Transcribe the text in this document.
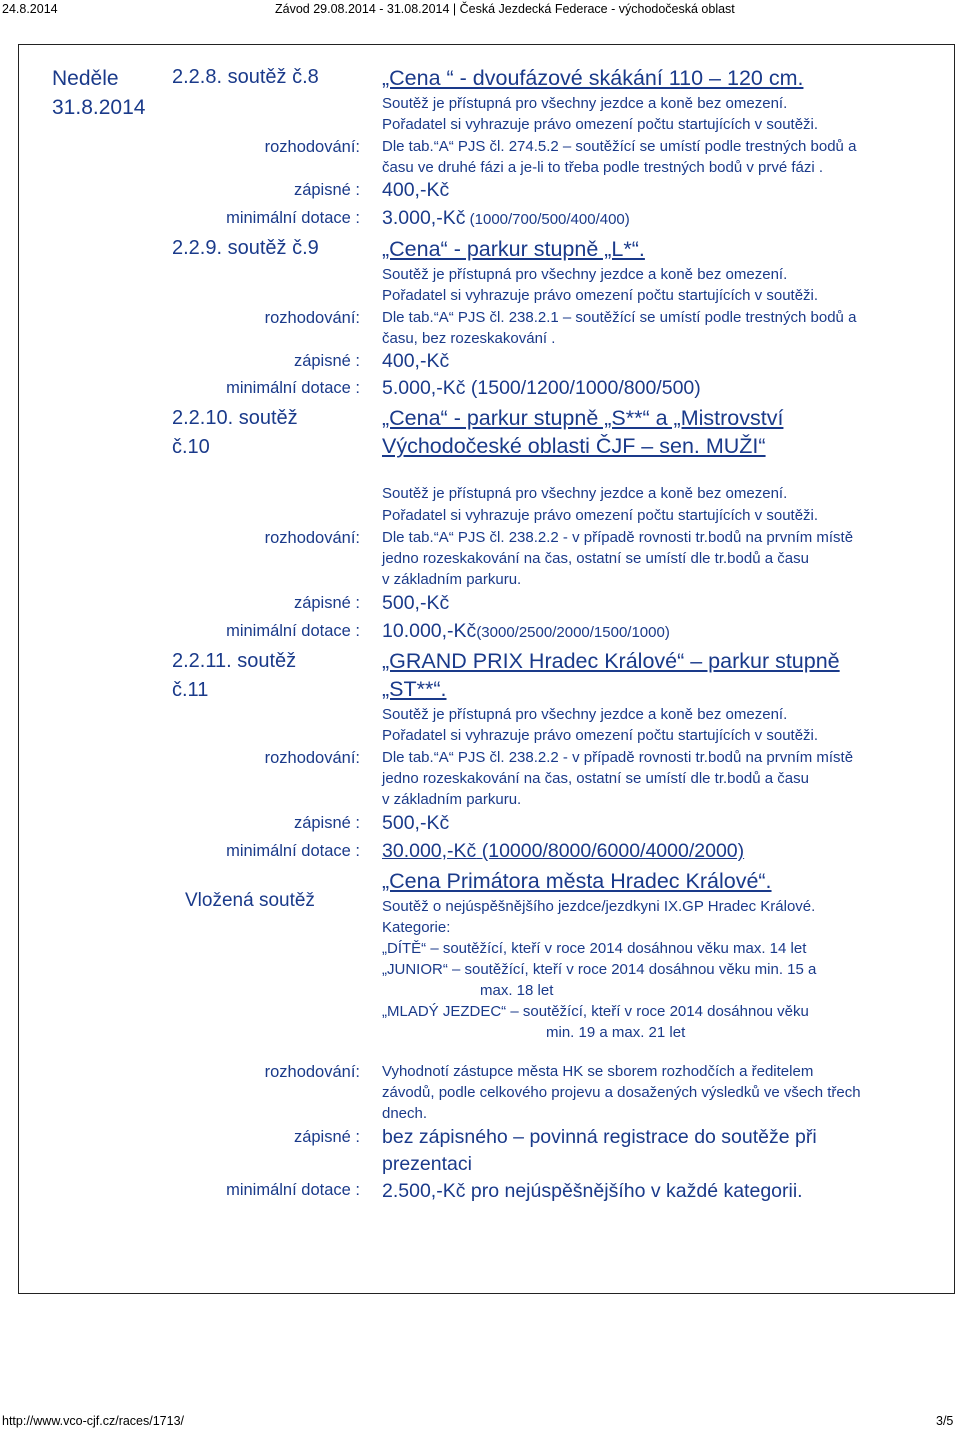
24.8.2014	Závod 29.08.2014 - 31.08.2014 | Česká Jezdecká Federace - východočeská oblast
Neděle
31.8.2014
2.2.8. soutěž č.8	„Cena “ - dvoufázové skákání 110 – 120 cm.
Soutěž je přístupná pro všechny jezdce a koně bez omezení.
Pořadatel si vyhrazuje právo omezení počtu startujících v soutěži.
rozhodování: Dle tab.“A“ PJS čl. 274.5.2 – soutěžící se umístí podle trestných bodů a
času ve druhé fázi a je-li to třeba podle trestných bodů v prvé fázi .
zápisné : 400,-Kč
minimální dotace : 3.000,-Kč (1000/700/500/400/400)
2.2.9. soutěž č.9	„Cena“ - parkur stupně „L*“.
Soutěž je přístupná pro všechny jezdce a koně bez omezení.
Pořadatel si vyhrazuje právo omezení počtu startujících v soutěži.
rozhodování: Dle tab.“A“ PJS čl. 238.2.1 – soutěžící se umístí podle trestných bodů a
času, bez rozeskakování .
zápisné : 400,-Kč
minimální dotace : 5.000,-Kč (1500/1200/1000/800/500)
2.2.10. soutěž
č.10
„Cena“ - parkur stupně „S**“ a „Mistrovství
Východočeské oblasti ČJF – sen. MUŽI“
Soutěž je přístupná pro všechny jezdce a koně bez omezení.
Pořadatel si vyhrazuje právo omezení počtu startujících v soutěži.
rozhodování: Dle tab.“A“ PJS čl. 238.2.2 - v případě rovnosti tr.bodů na prvním místě
jedno rozeskakování na čas, ostatní se umístí dle tr.bodů a času
v základním parkuru.
zápisné : 500,-Kč
minimální dotace : 10.000,-Kč(3000/2500/2000/1500/1000)
2.2.11. soutěž
č.11
„GRAND PRIX Hradec Králové“ – parkur stupně
„ST**“.
Soutěž je přístupná pro všechny jezdce a koně bez omezení.
Pořadatel si vyhrazuje právo omezení počtu startujících v soutěži.
rozhodování: Dle tab.“A“ PJS čl. 238.2.2 - v případě rovnosti tr.bodů na prvním místě
jedno rozeskakování na čas, ostatní se umístí dle tr.bodů a času
v základním parkuru.
zápisné : 500,-Kč
minimální dotace : 30.000,-Kč (10000/8000/6000/4000/2000)
Vložená soutěž
„Cena Primátora města Hradec Králové“.
Soutěž o nejúspěšnějšího jezdce/jezdkyni IX.GP Hradec Králové.
Kategorie:
„DÍTĚ“ – soutěžící, kteří v roce 2014 dosáhnou věku max. 14 let
„JUNIOR“ – soutěžící, kteří v roce 2014 dosáhnou věku min. 15 a
max. 18 let
„MLADÝ JEZDEC“ – soutěžící, kteří v roce 2014 dosáhnou věku
min. 19 a max. 21 let
rozhodování: Vyhodnotí zástupce města HK se sborem rozhodčích a ředitelem
závodů, podle celkového projevu a dosažených výsledků ve všech třech
dnech.
zápisné : bez zápisného – povinná registrace do soutěže při
prezentaci
minimální dotace : 2.500,-Kč pro nejúspěšnějšího v každé kategorii.
http://www.vco-cjf.cz/races/1713/	3/5
